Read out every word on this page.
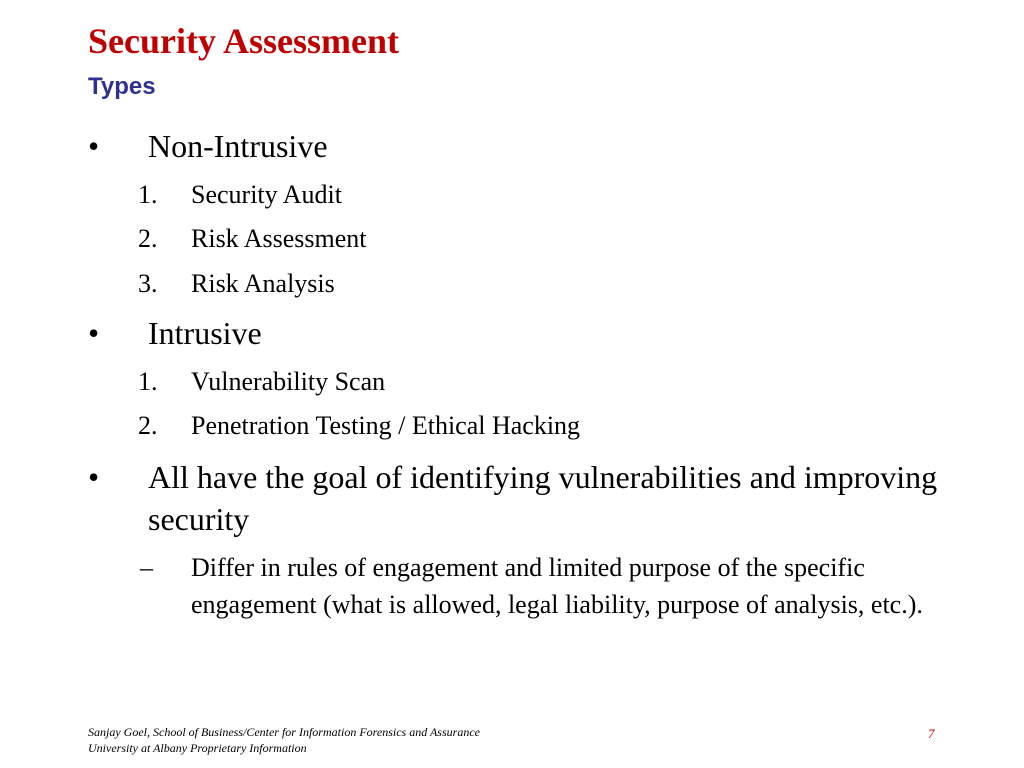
Security Assessment
Types
•	Non-Intrusive
1.	Security Audit
2.	Risk Assessment
3.	Risk Analysis
•	Intrusive
1.	Vulnerability Scan
2.	Penetration Testing / Ethical Hacking
• All have the goal of identifying vulnerabilities and improving security
– Differ in rules of engagement and limited purpose of the specific engagement (what is allowed, legal liability, purpose of analysis, etc.).
Sanjay Goel, School of Business/Center for Information Forensics and Assurance
University at Albany Proprietary Information
7
